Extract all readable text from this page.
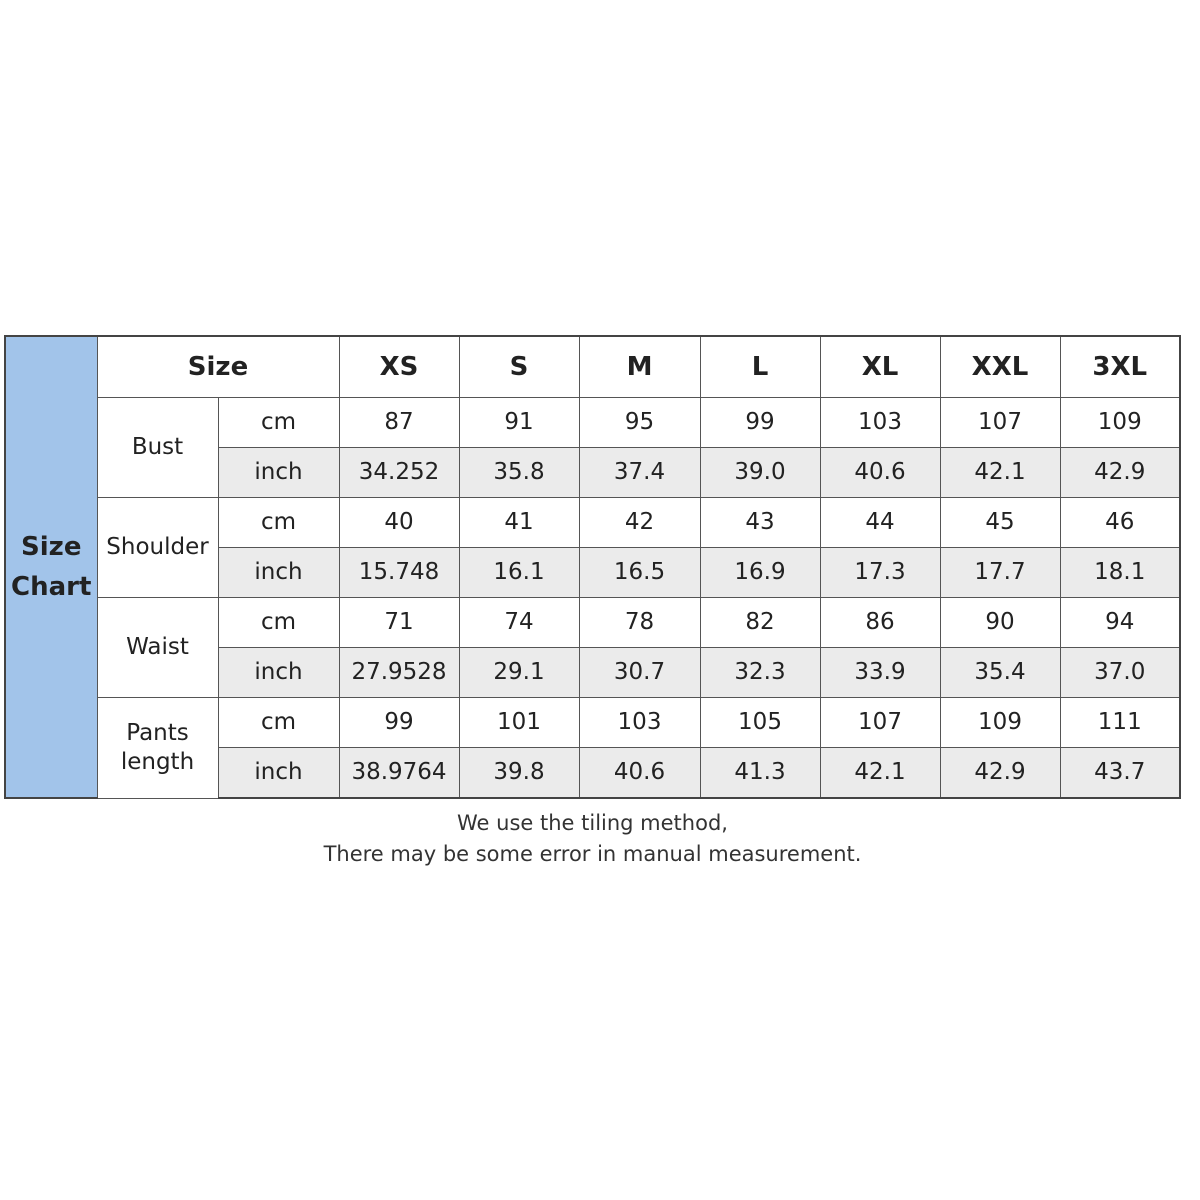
Size
Chart	Size		XS	S	M	L	XL	XXL	3XL
	Bust	cm	87	91	95	99	103	107	109
		inch	34.252	35.8	37.4	39.0	40.6	42.1	42.9
	Shoulder	cm	40	41	42	43	44	45	46
		inch	15.748	16.1	16.5	16.9	17.3	17.7	18.1
	Waist	cm	71	74	78	82	86	90	94
		inch	27.9528	29.1	30.7	32.3	33.9	35.4	37.0
	Pants length	cm	99	101	103	105	107	109	111
		inch	38.9764	39.8	40.6	41.3	42.1	42.9	43.7
We use the tiling method,
There may be some error in manual measurement.
